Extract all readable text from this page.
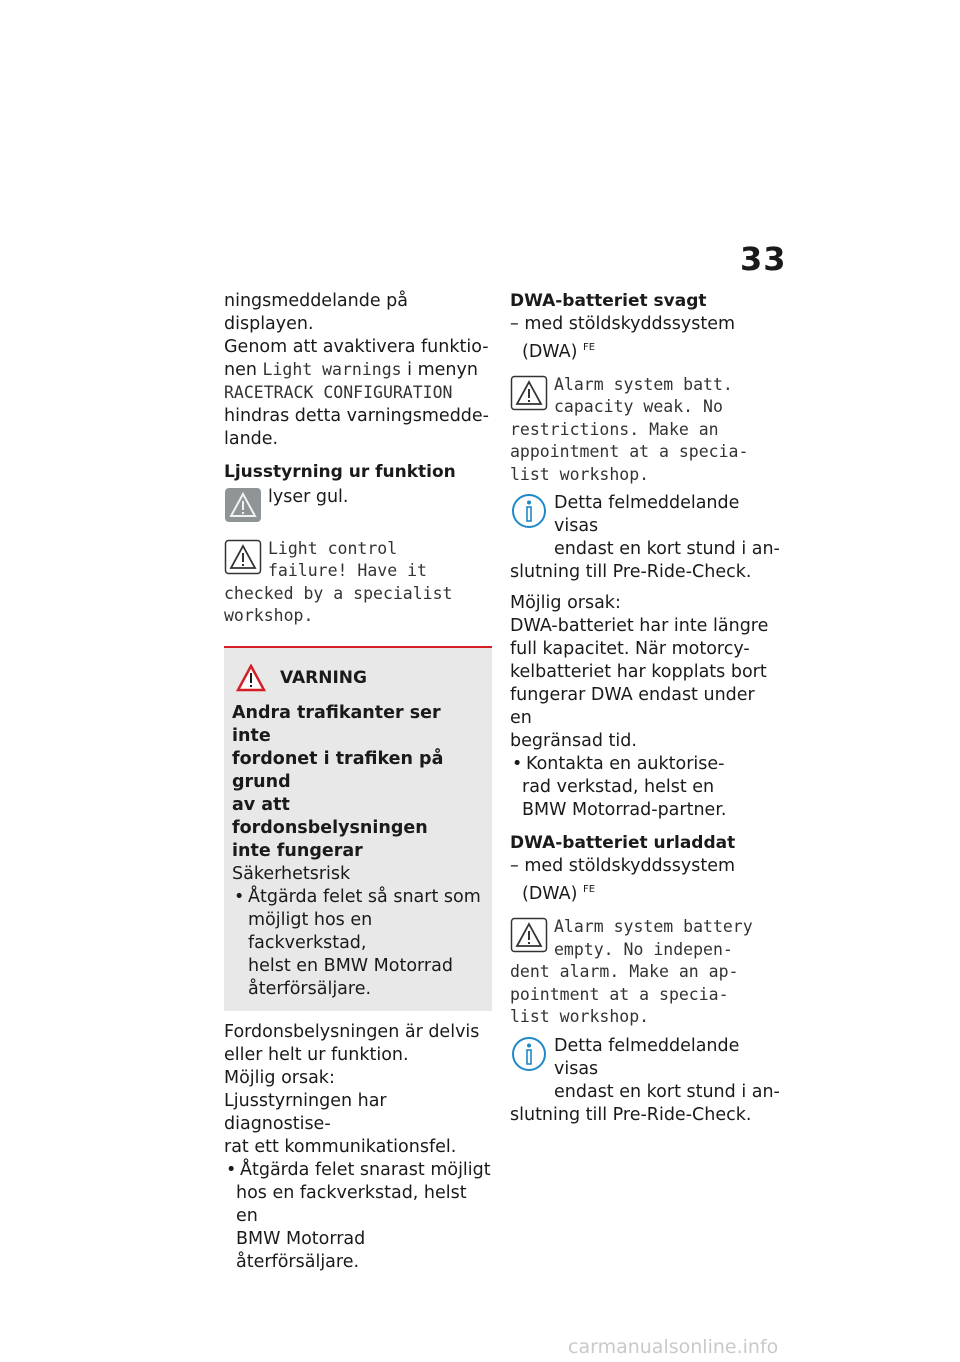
33

ningsmeddelande på displayen.

Genom att avaktivera funktio-

nen Light warnings i menyn

RACETRACK CONFIGURATION

hindras detta varningsmedde-

lande.

Ljusstyrning ur funktion

lyser gul.

Light control

failure! Have it

checked by a specialist

workshop.

VARNING

Andra trafikanter ser inte

fordonet i trafiken på grund

av att fordonsbelysningen

inte fungerar

Säkerhetsrisk

• Åtgärda felet så snart som

möjligt hos en fackverkstad,

helst en BMW Motorrad

återförsäljare.

Fordonsbelysningen är delvis

eller helt ur funktion.

Möjlig orsak:

Ljusstyrningen har diagnostise-

rat ett kommunikationsfel.

• Åtgärda felet snarast möjligt

hos en fackverkstad, helst en

BMW Motorrad återförsäljare.

DWA-batteriet svagt

– med stöldskyddssystem

(DWA) $^{FE}$

Alarm system batt.

capacity weak. No

restrictions. Make an

appointment at a specia-

list workshop.

Detta felmeddelande visas

endast en kort stund i an-

slutning till Pre-Ride-Check.

Möjlig orsak:

DWA-batteriet har inte längre

full kapacitet. När motorcy-

kelbatteriet har kopplats bort

fungerar DWA endast under en

begränsad tid.

• Kontakta en auktorise-

rad verkstad, helst en

BMW Motorrad-partner.

DWA-batteriet urladdat

– med stöldskyddssystem

(DWA) $^{FE}$

Alarm system battery

empty. No indepen-

dent alarm. Make an ap-

pointment at a specia-

list workshop.

Detta felmeddelande visas

endast en kort stund i an-

slutning till Pre-Ride-Check.

carmanualsonline.info
